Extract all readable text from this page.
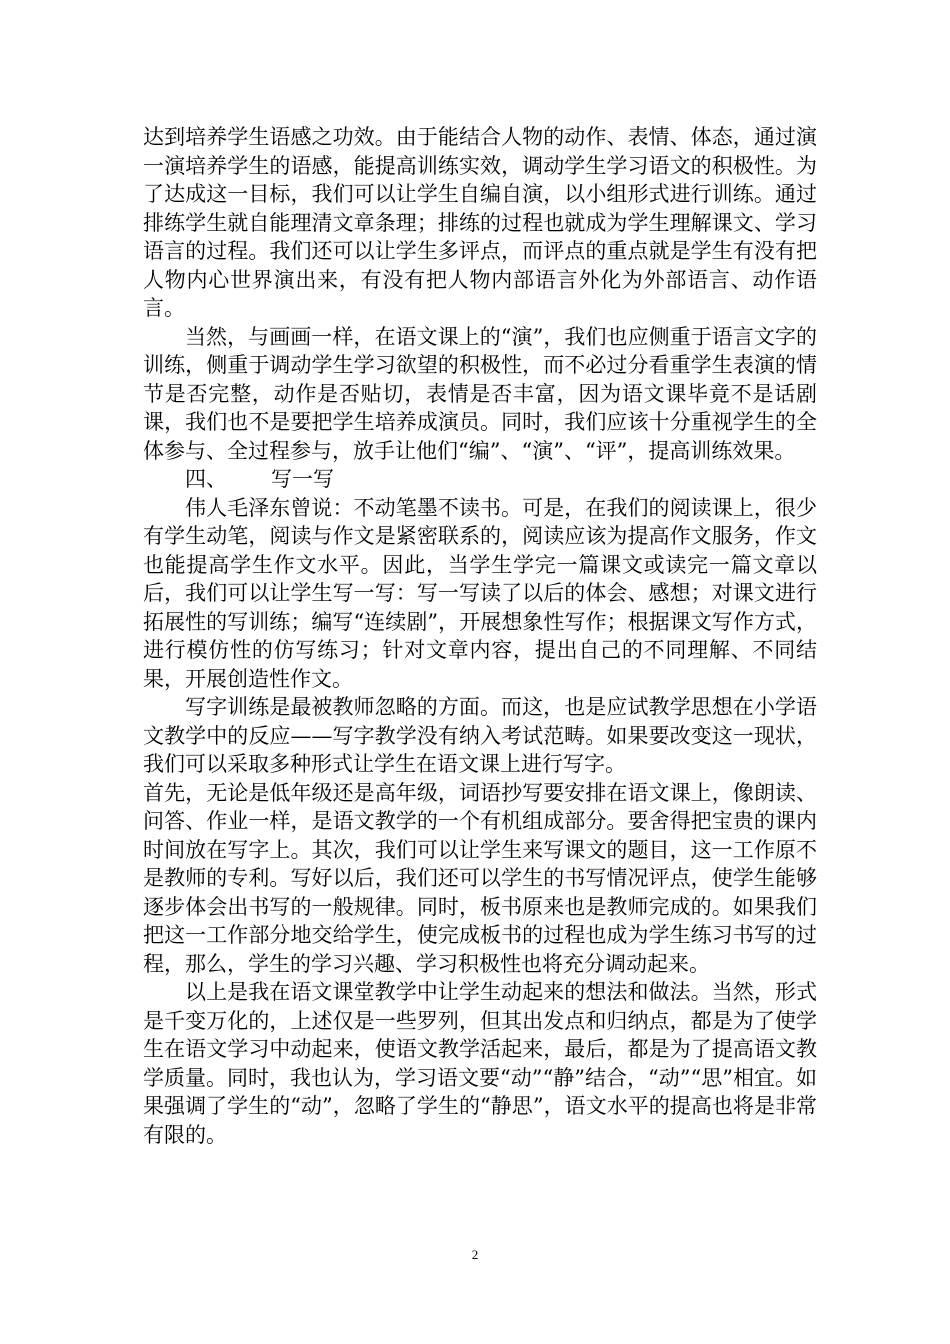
达到培养学生语感之功效。由于能结合人物的动作、表情、体态，通过演一演培养学生的语感，能提高训练实效，调动学生学习语文的积极性。为了达成这一目标，我们可以让学生自编自演，以小组形式进行训练。通过排练学生就自能理清文章条理；排练的过程也就成为学生理解课文、学习语言的过程。我们还可以让学生多评点，而评点的重点就是学生有没有把人物内心世界演出来，有没有把人物内部语言外化为外部语言、动作语言。

当然，与画画一样，在语文课上的“演”，我们也应侧重于语言文字的训练，侧重于调动学生学习欲望的积极性，而不必过分看重学生表演的情节是否完整，动作是否贴切，表情是否丰富，因为语文课毕竟不是话剧课，我们也不是要把学生培养成演员。同时，我们应该十分重视学生的全体参与、全过程参与，放手让他们“编”、“演”、“评”，提高训练效果。

四、 写一写

伟人毛泽东曾说：不动笔墨不读书。可是，在我们的阅读课上，很少有学生动笔，阅读与作文是紧密联系的，阅读应该为提高作文服务，作文也能提高学生作文水平。因此，当学生学完一篇课文或读完一篇文章以后，我们可以让学生写一写：写一写读了以后的体会、感想；对课文进行拓展性的写训练；编写“连续剧”，开展想象性写作；根据课文写作方式，进行模仿性的仿写练习；针对文章内容，提出自己的不同理解、不同结果，开展创造性作文。

写字训练是最被教师忽略的方面。而这，也是应试教学思想在小学语文教学中的反应——写字教学没有纳入考试范畴。如果要改变这一现状，我们可以采取多种形式让学生在语文课上进行写字。

首先，无论是低年级还是高年级，词语抄写要安排在语文课上，像朗读、问答、作业一样，是语文教学的一个有机组成部分。要舍得把宝贵的课内时间放在写字上。其次，我们可以让学生来写课文的题目，这一工作原不是教师的专利。写好以后，我们还可以学生的书写情况评点，使学生能够逐步体会出书写的一般规律。同时，板书原来也是教师完成的。如果我们把这一工作部分地交给学生，使完成板书的过程也成为学生练习书写的过程，那么，学生的学习兴趣、学习积极性也将充分调动起来。

以上是我在语文课堂教学中让学生动起来的想法和做法。当然，形式是千变万化的，上述仅是一些罗列，但其出发点和归纳点，都是为了使学生在语文学习中动起来，使语文教学活起来，最后，都是为了提高语文教学质量。同时，我也认为，学习语文要“动”“静”结合，“动”“思”相宜。如果强调了学生的“动”，忽略了学生的“静思”，语文水平的提高也将是非常有限的。

2
